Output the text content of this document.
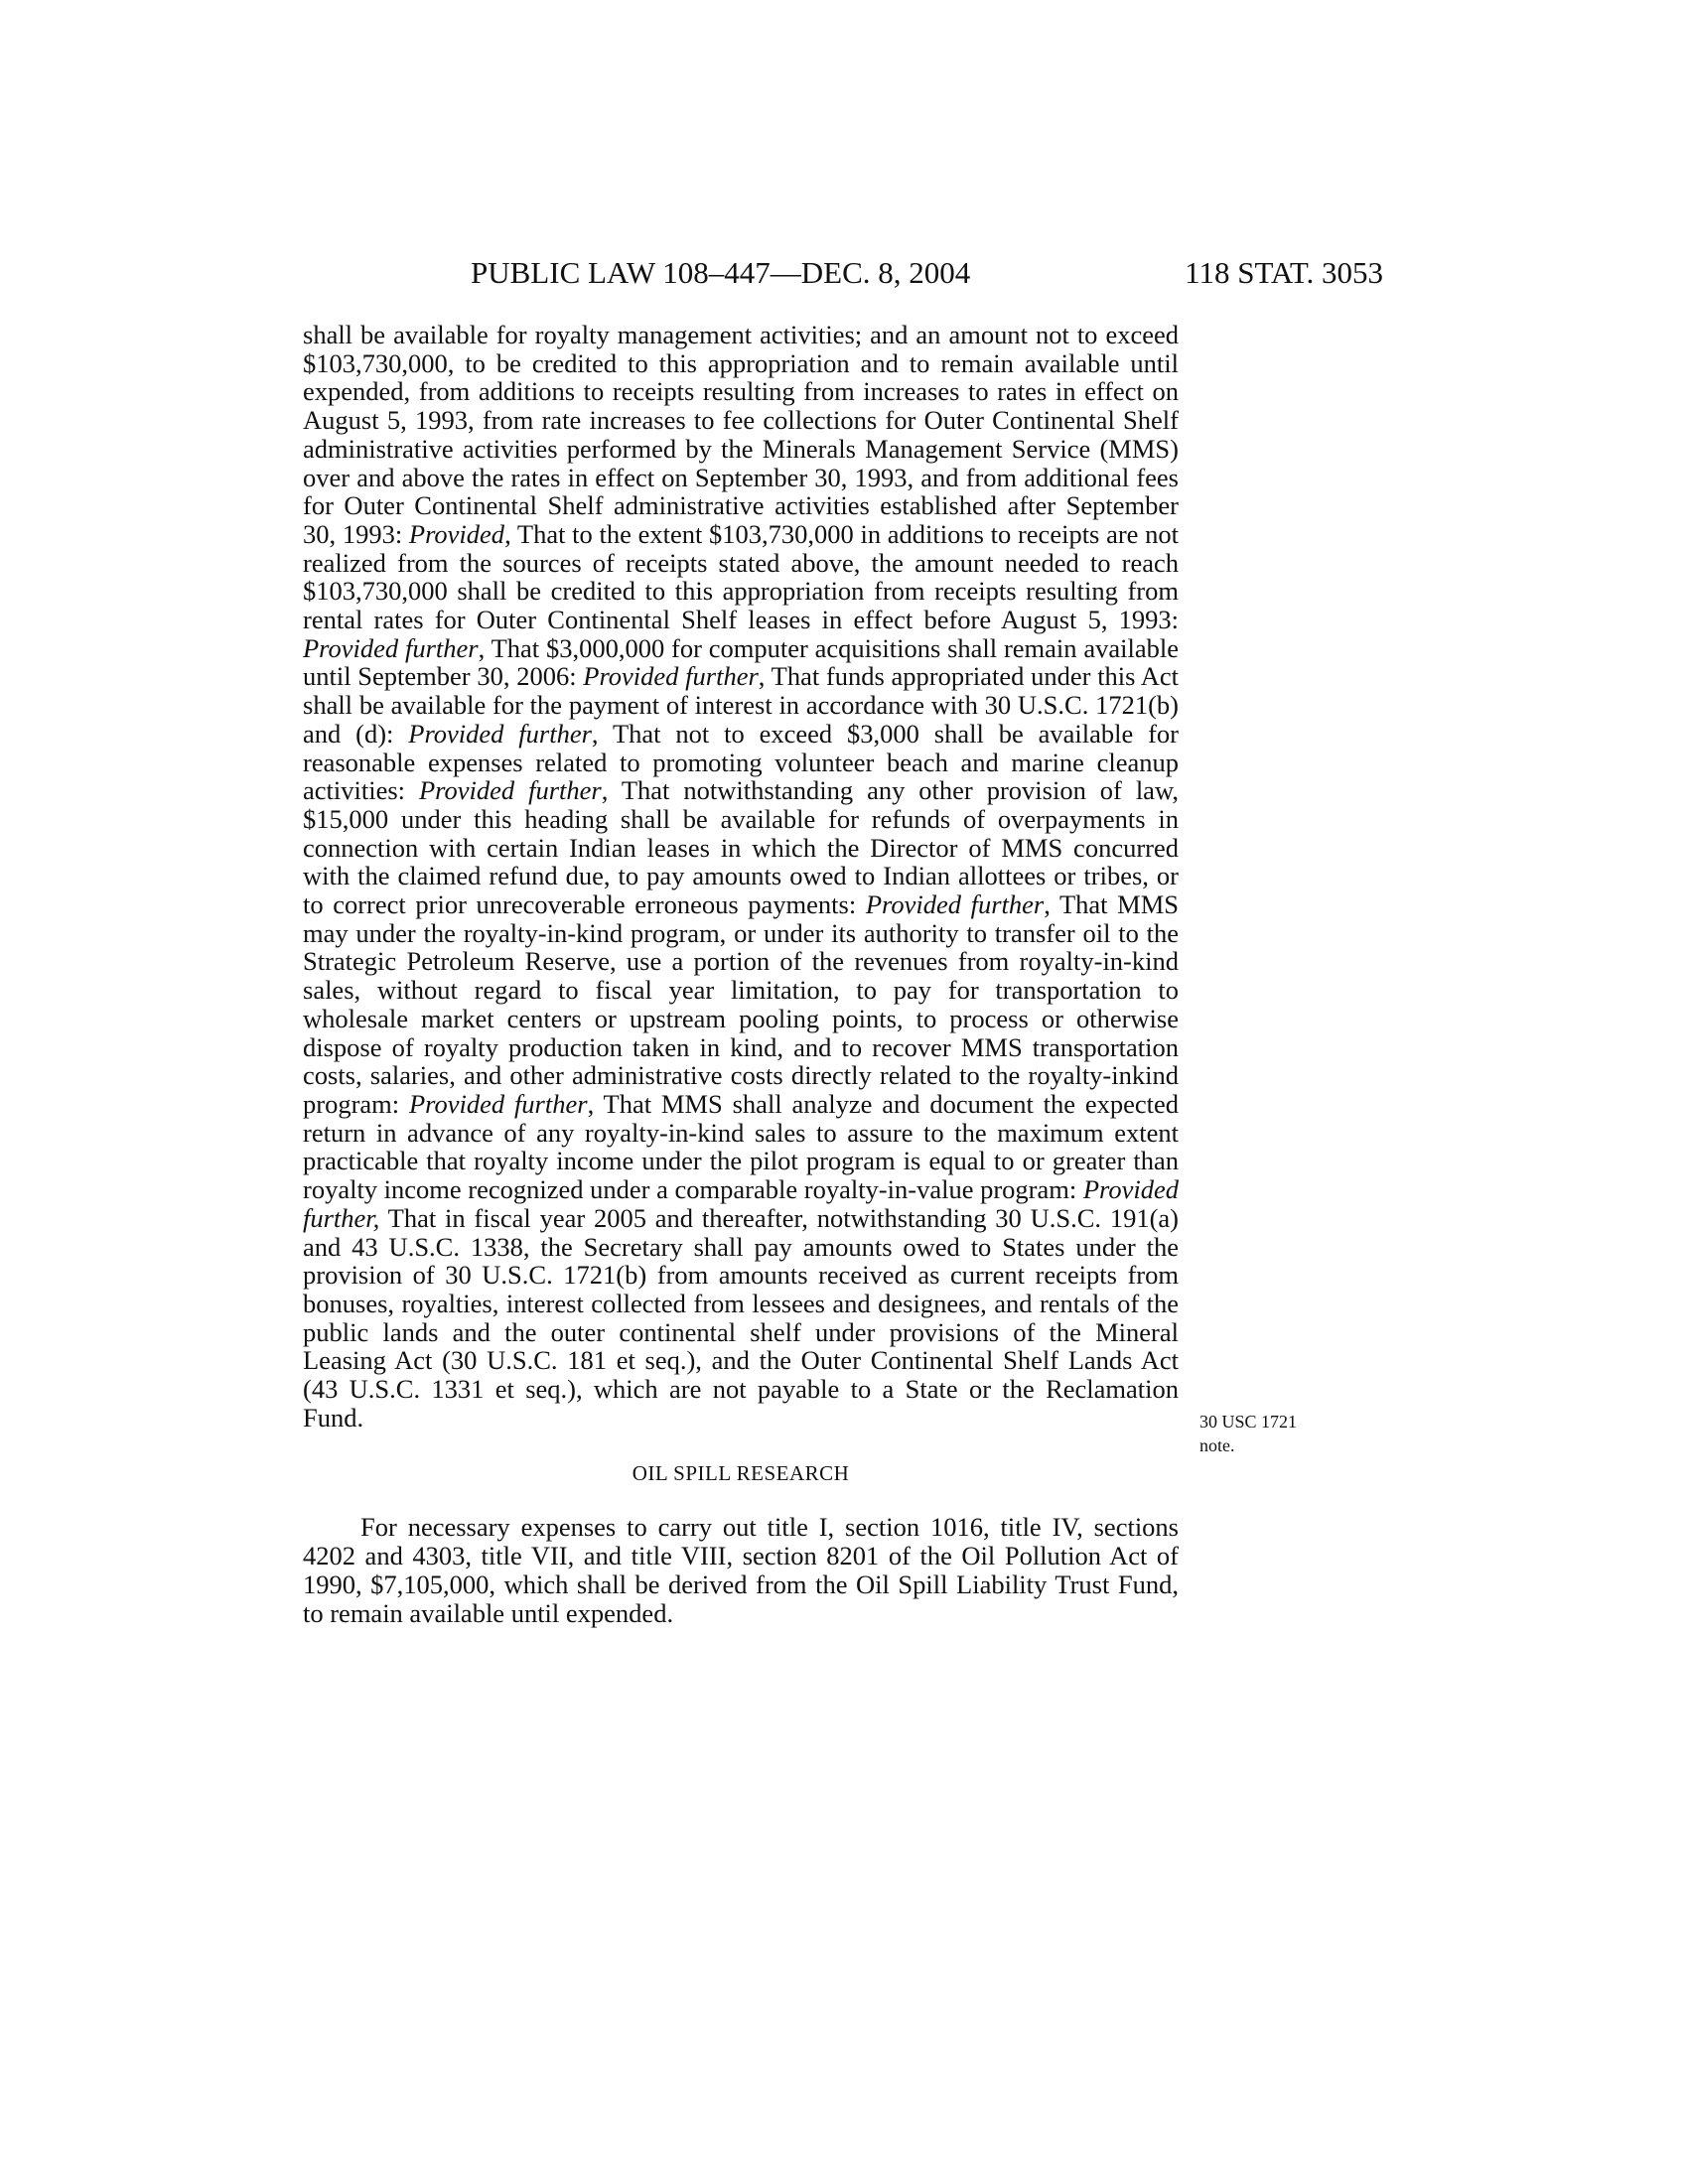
PUBLIC LAW 108–447—DEC. 8, 2004	118 STAT. 3053

shall be available for royalty management activities; and an amount not to exceed $103,730,000, to be credited to this appropriation and to remain available until expended, from additions to receipts resulting from increases to rates in effect on August 5, 1993, from rate increases to fee collections for Outer Continental Shelf administrative activities performed by the Minerals Management Service (MMS) over and above the rates in effect on September 30, 1993, and from additional fees for Outer Continental Shelf administrative activities established after September 30, 1993: Provided, That to the extent $103,730,000 in additions to receipts are not realized from the sources of receipts stated above, the amount needed to reach $103,730,000 shall be credited to this appropriation from receipts resulting from rental rates for Outer Continental Shelf leases in effect before August 5, 1993: Provided further, That $3,000,000 for computer acquisitions shall remain available until September 30, 2006: Provided further, That funds appropriated under this Act shall be available for the payment of interest in accordance with 30 U.S.C. 1721(b) and (d): Provided further, That not to exceed $3,000 shall be available for reasonable expenses related to promoting volunteer beach and marine cleanup activities: Provided further, That notwithstanding any other provision of law, $15,000 under this heading shall be available for refunds of overpayments in connection with certain Indian leases in which the Director of MMS concurred with the claimed refund due, to pay amounts owed to Indian allottees or tribes, or to correct prior unrecoverable erroneous payments: Provided further, That MMS may under the royalty-in-kind program, or under its authority to transfer oil to the Strategic Petroleum Reserve, use a portion of the revenues from royalty-in-kind sales, without regard to fiscal year limitation, to pay for transportation to wholesale market centers or upstream pooling points, to process or otherwise dispose of royalty production taken in kind, and to recover MMS transportation costs, salaries, and other administrative costs directly related to the royalty-inkind program: Provided further, That MMS shall analyze and document the expected return in advance of any royalty-in-kind sales to assure to the maximum extent practicable that royalty income under the pilot program is equal to or greater than royalty income recognized under a comparable royalty-in-value program: Provided further, That in fiscal year 2005 and thereafter, notwithstanding 30 U.S.C. 191(a) and 43 U.S.C. 1338, the Secretary shall pay amounts owed to States under the provision of 30 U.S.C. 1721(b) from amounts received as current receipts from bonuses, royalties, interest collected from lessees and designees, and rentals of the public lands and the outer continental shelf under provisions of the Mineral Leasing Act (30 U.S.C. 181 et seq.), and the Outer Continental Shelf Lands Act (43 U.S.C. 1331 et seq.), which are not payable to a State or the Reclamation Fund.

OIL SPILL RESEARCH

For necessary expenses to carry out title I, section 1016, title IV, sections 4202 and 4303, title VII, and title VIII, section 8201 of the Oil Pollution Act of 1990, $7,105,000, which shall be derived from the Oil Spill Liability Trust Fund, to remain available until expended.

30 USC 1721
note.
